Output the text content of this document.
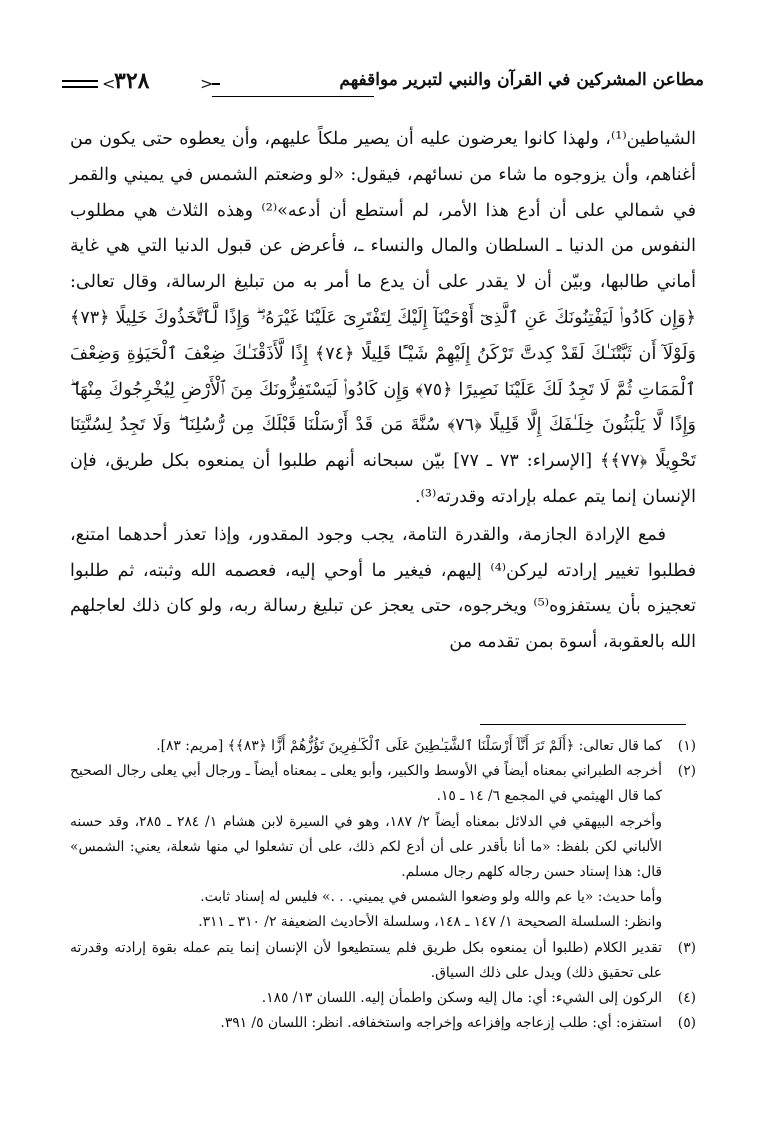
مطاعن المشركين في القرآن والنبي لتبرير مواقفهم
<
٣٢٨	>

الشياطين⁽¹⁾، ولهذا كانوا يعرضون عليه أن يصير ملكاً عليهم، وأن يعطوه حتى يكون من أغناهم، وأن يزوجوه ما شاء من نسائهم، فيقول: «لو وضعتم الشمس في يميني والقمر في شمالي على أن أدع هذا الأمر، لم أستطع أن أدعه»⁽²⁾ وهذه الثلاث هي مطلوب النفوس من الدنيا ـ السلطان والمال والنساء ـ، فأعرض عن قبول الدنيا التي هي غاية أماني طالبها، وبيّن أن لا يقدر على أن يدع ما أمر به من تبليغ الرسالة، وقال تعالى: ﴿وَإِن كَادُوا۟ لَيَفْتِنُونَكَ عَنِ ٱلَّذِىٓ أَوْحَيْنَآ إِلَيْكَ لِتَفْتَرِىَ عَلَيْنَا غَيْرَهُۥ ۖ وَإِذًا لَّٱتَّخَذُوكَ خَلِيلًا ﴿٧٣﴾ وَلَوْلَآ أَن ثَبَّتْنَـٰكَ لَقَدْ كِدتَّ تَرْكَنُ إِلَيْهِمْ شَيْـًٔا قَلِيلًا ﴿٧٤﴾ إِذًا لَّأَذَقْنَـٰكَ ضِعْفَ ٱلْحَيَوٰةِ وَضِعْفَ ٱلْمَمَاتِ ثُمَّ لَا تَجِدُ لَكَ عَلَيْنَا نَصِيرًا ﴿٧٥﴾ وَإِن كَادُوا۟ لَيَسْتَفِزُّونَكَ مِنَ ٱلْأَرْضِ لِيُخْرِجُوكَ مِنْهَا ۖ وَإِذًا لَّا يَلْبَثُونَ خِلَـٰفَكَ إِلَّا قَلِيلًا ﴿٧٦﴾ سُنَّةَ مَن قَدْ أَرْسَلْنَا قَبْلَكَ مِن رُّسُلِنَا ۖ وَلَا تَجِدُ لِسُنَّتِنَا تَحْوِيلًا ﴿٧٧﴾﴾ [الإسراء: ٧٣ ـ ٧٧] بيّن سبحانه أنهم طلبوا أن يمنعوه بكل طريق، فإن الإنسان إنما يتم عمله بإرادته وقدرته⁽³⁾.

فمع الإرادة الجازمة، والقدرة التامة، يجب وجود المقدور، وإذا تعذر أحدهما امتنع، فطلبوا تغيير إرادته ليركن⁽⁴⁾ إليهم، فيغير ما أوحي إليه، فعصمه الله وثبته، ثم طلبوا تعجيزه بأن يستفزوه⁽⁵⁾ ويخرجوه، حتى يعجز عن تبليغ رسالة ربه، ولو كان ذلك لعاجلهم الله بالعقوبة، أسوة بمن تقدمه من

(١)

كما قال تعالى: ﴿أَلَمْ تَرَ أَنَّآ أَرْسَلْنَا ٱلشَّيَـٰطِينَ عَلَى ٱلْكَـٰفِرِينَ تَؤُزُّهُمْ أَزًّا ﴿٨٣﴾﴾ [مريم: ٨٣].

(٢)

أخرجه الطبراني بمعناه أيضاً في الأوسط والكبير، وأبو يعلى ـ بمعناه أيضاً ـ ورجال أبي يعلى رجال الصحيح كما قال الهيثمي في المجمع ٦/ ١٤ ـ ١٥.

وأخرجه البيهقي في الدلائل بمعناه أيضاً ٢/ ١٨٧، وهو في السيرة لابن هشام ١/ ٢٨٤ ـ ٢٨٥، وقد حسنه الألباني لكن بلفظ: «ما أنا بأقدر على أن أدع لكم ذلك، على أن تشعلوا لي منها شعلة، يعني: الشمس» قال: هذا إسناد حسن رجاله كلهم رجال مسلم.

وأما حديث: «يا عم والله ولو وضعوا الشمس في يميني. . .» فليس له إسناد ثابت.

وانظر: السلسلة الصحيحة ١/ ١٤٧ ـ ١٤٨، وسلسلة الأحاديث الضعيفة ٢/ ٣١٠ ـ ٣١١.

(٣)

تقدير الكلام (طلبوا أن يمنعوه بكل طريق فلم يستطيعوا لأن الإنسان إنما يتم عمله بقوة إرادته وقدرته على تحقيق ذلك) ويدل على ذلك السياق.

(٤)

الركون إلى الشيء: أي: مال إليه وسكن واطمأن إليه. اللسان ١٣/ ١٨٥.

(٥)

استفزه: أي: طلب إزعاجه وإفزاعه وإخراجه واستخفافه. انظر: اللسان ٥/ ٣٩١.
